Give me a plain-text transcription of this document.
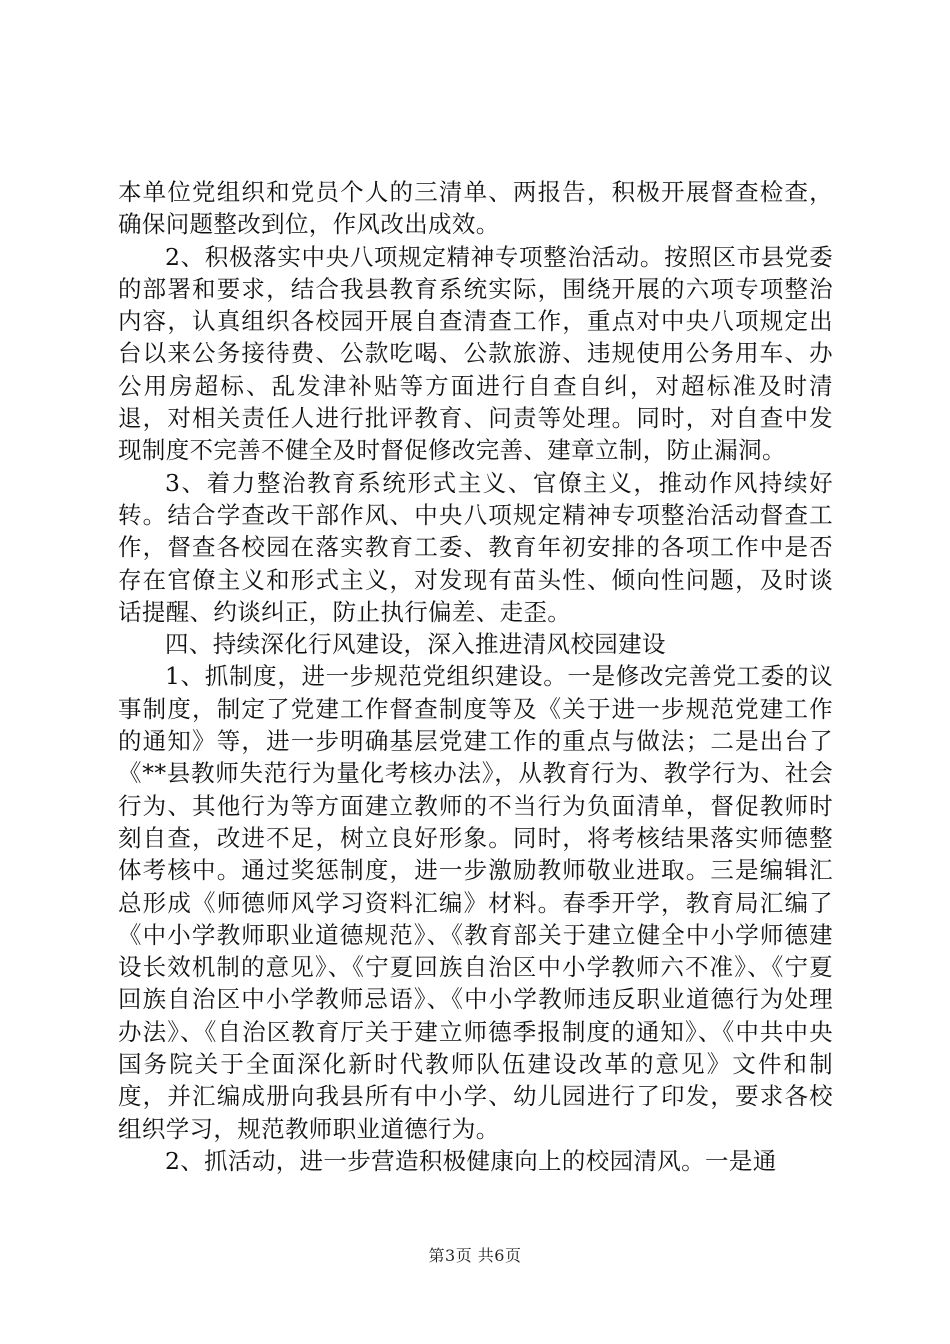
本单位党组织和党员个人的三清单、两报告，积极开展督查检查，确保问题整改到位，作风改出成效。

2、积极落实中央八项规定精神专项整治活动。按照区市县党委的部署和要求，结合我县教育系统实际，围绕开展的六项专项整治内容，认真组织各校园开展自查清查工作，重点对中央八项规定出台以来公务接待费、公款吃喝、公款旅游、违规使用公务用车、办公用房超标、乱发津补贴等方面进行自查自纠，对超标准及时清退，对相关责任人进行批评教育、问责等处理。同时，对自查中发现制度不完善不健全及时督促修改完善、建章立制，防止漏洞。

3、着力整治教育系统形式主义、官僚主义，推动作风持续好转。结合学查改干部作风、中央八项规定精神专项整治活动督查工作，督查各校园在落实教育工委、教育年初安排的各项工作中是否存在官僚主义和形式主义，对发现有苗头性、倾向性问题，及时谈话提醒、约谈纠正，防止执行偏差、走歪。

四、持续深化行风建设，深入推进清风校园建设

1、抓制度，进一步规范党组织建设。一是修改完善党工委的议事制度，制定了党建工作督查制度等及《关于进一步规范党建工作的通知》等，进一步明确基层党建工作的重点与做法；二是出台了《**县教师失范行为量化考核办法》，从教育行为、教学行为、社会行为、其他行为等方面建立教师的不当行为负面清单，督促教师时刻自查，改进不足，树立良好形象。同时，将考核结果落实师德整体考核中。通过奖惩制度，进一步激励教师敬业进取。三是编辑汇总形成《师德师风学习资料汇编》材料。春季开学，教育局汇编了《中小学教师职业道德规范》、《教育部关于建立健全中小学师德建设长效机制的意见》、《宁夏回族自治区中小学教师六不准》、《宁夏回族自治区中小学教师忌语》、《中小学教师违反职业道德行为处理办法》、《自治区教育厅关于建立师德季报制度的通知》、《中共中央国务院关于全面深化新时代教师队伍建设改革的意见》文件和制度，并汇编成册向我县所有中小学、幼儿园进行了印发，要求各校组织学习，规范教师职业道德行为。

2、抓活动，进一步营造积极健康向上的校园清风。一是通

第3页 共6页
